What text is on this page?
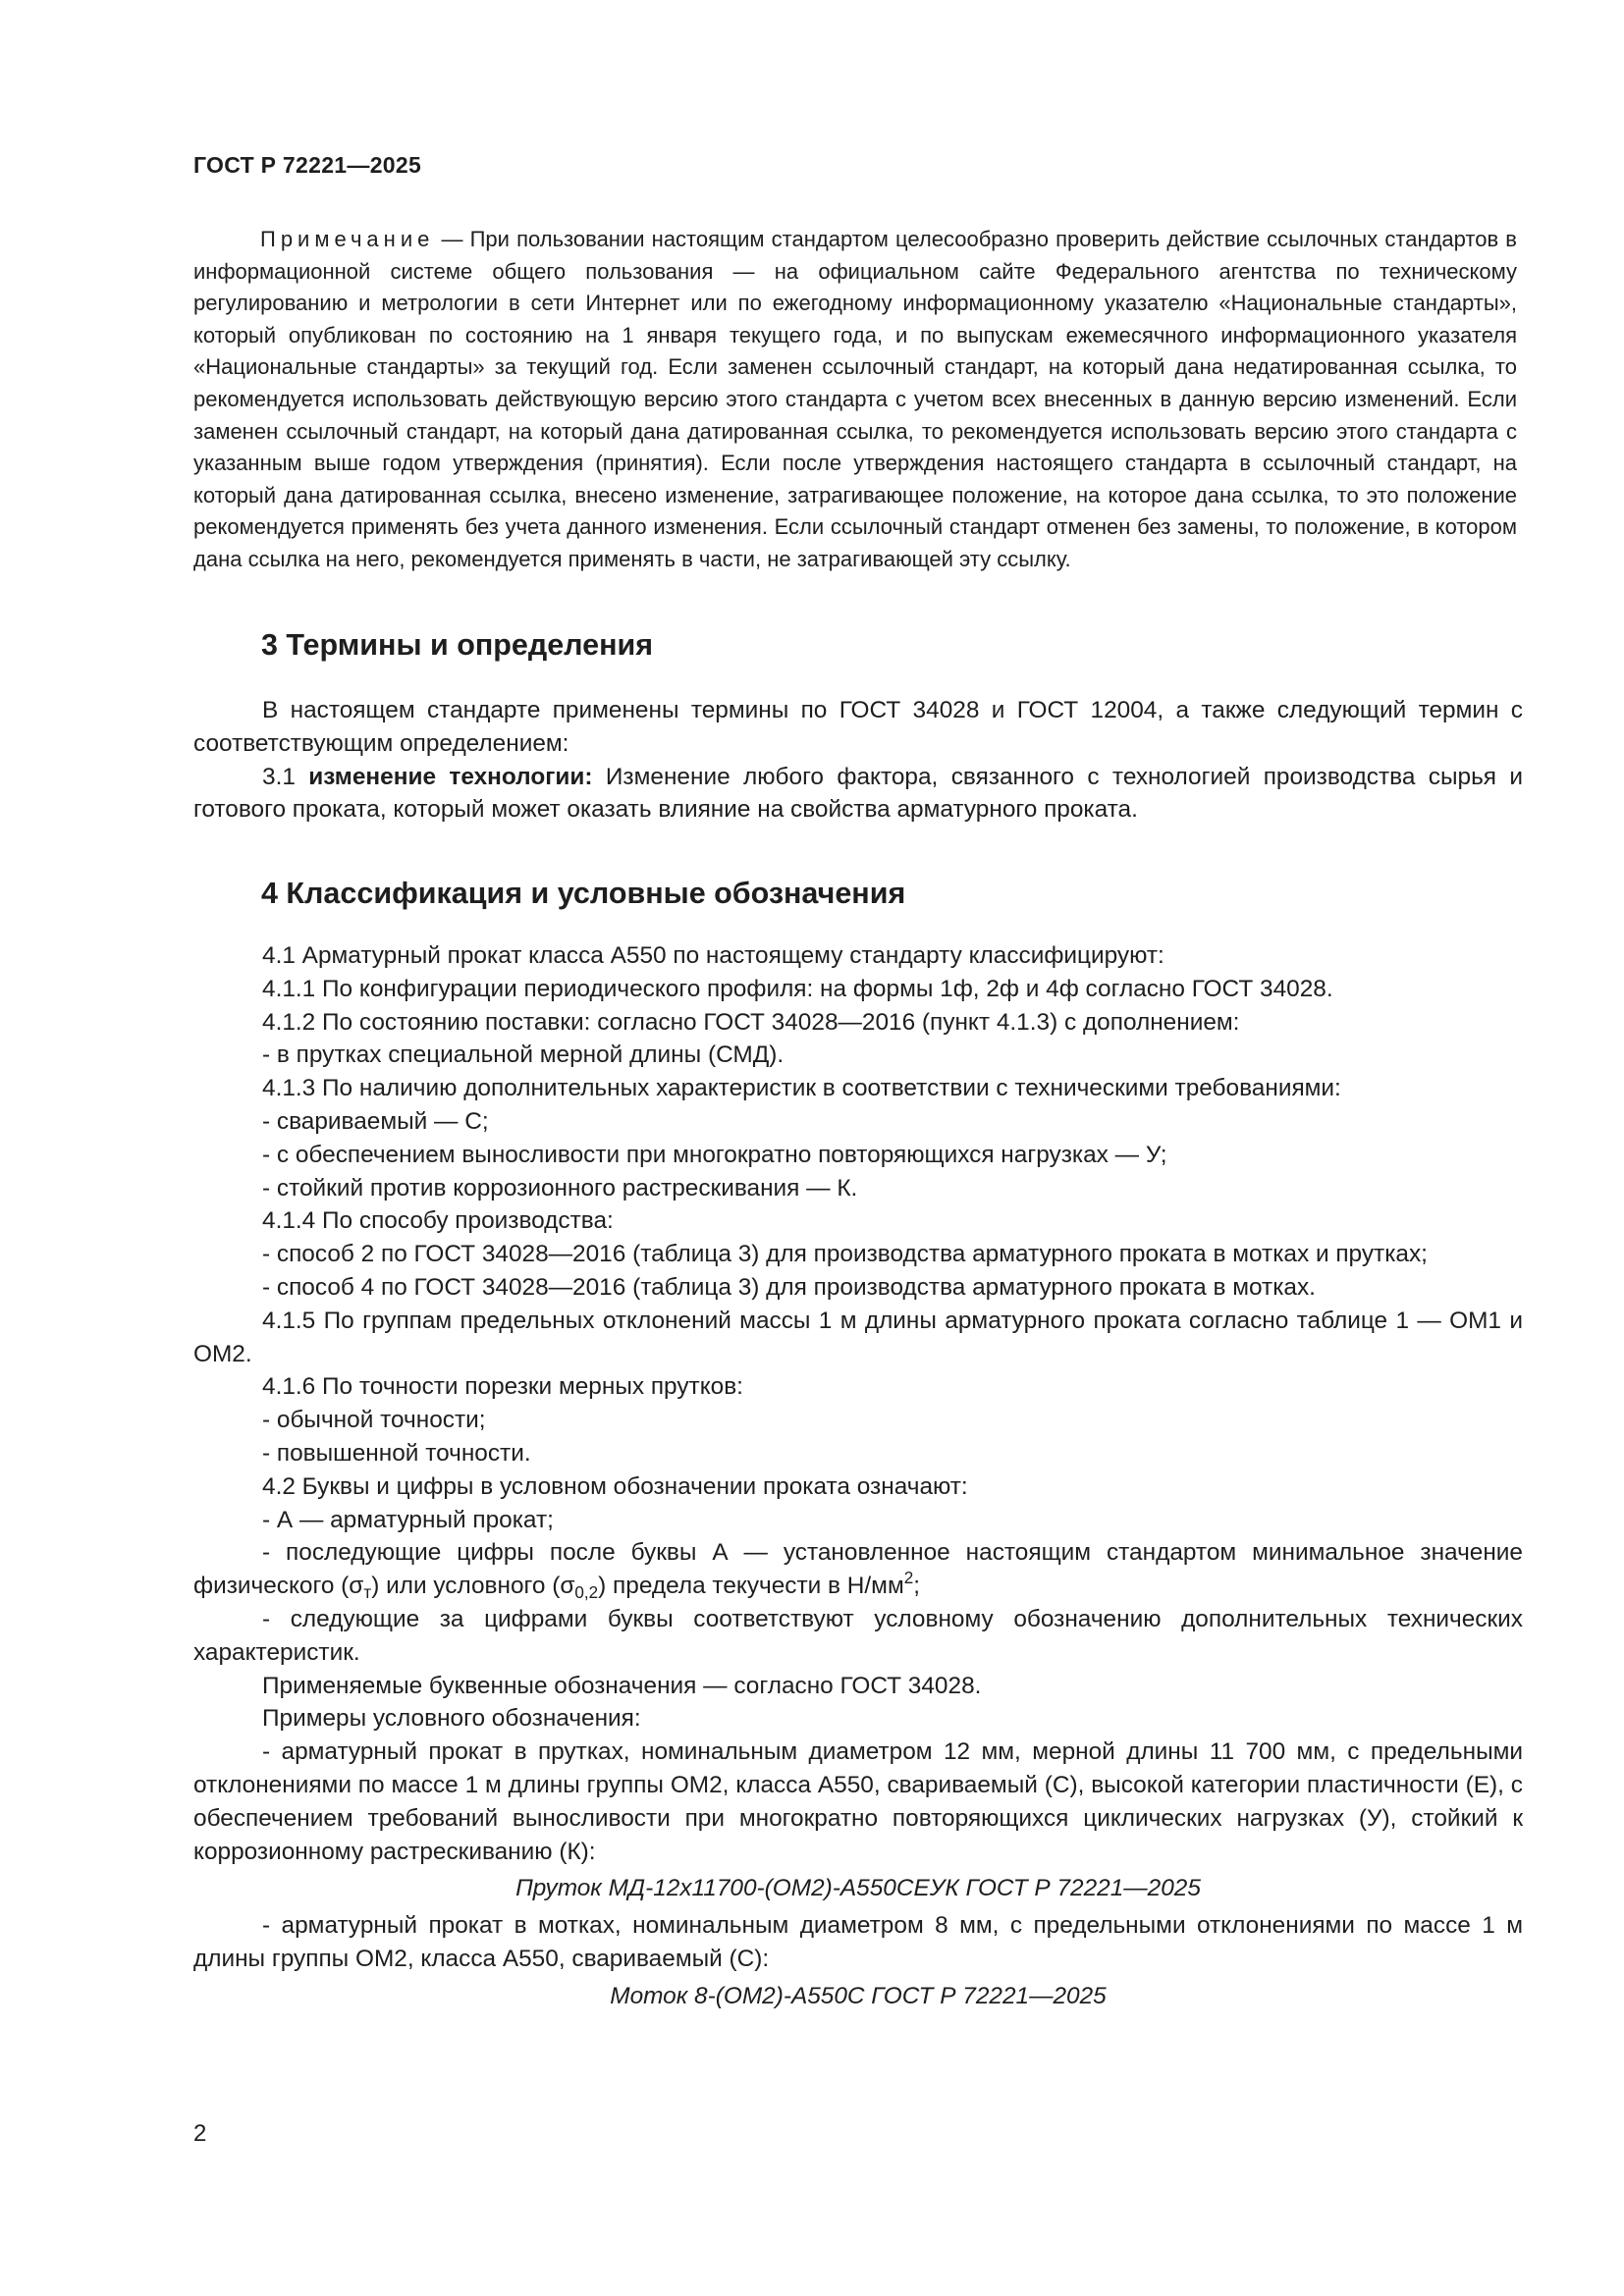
ГОСТ Р 72221—2025

Примечание — При пользовании настоящим стандартом целесообразно проверить действие ссылочных стандартов в информационной системе общего пользования — на официальном сайте Федерального агентства по техническому регулированию и метрологии в сети Интернет или по ежегодному информационному указателю «Национальные стандарты», который опубликован по состоянию на 1 января текущего года, и по выпускам ежемесячного информационного указателя «Национальные стандарты» за текущий год. Если заменен ссылочный стандарт, на который дана недатированная ссылка, то рекомендуется использовать действующую версию этого стандарта с учетом всех внесенных в данную версию изменений. Если заменен ссылочный стандарт, на который дана датированная ссылка, то рекомендуется использовать версию этого стандарта с указанным выше годом утверждения (принятия). Если после утверждения настоящего стандарта в ссылочный стандарт, на который дана датированная ссылка, внесено изменение, затрагивающее положение, на которое дана ссылка, то это положение рекомендуется применять без учета данного изменения. Если ссылочный стандарт отменен без замены, то положение, в котором дана ссылка на него, рекомендуется применять в части, не затрагивающей эту ссылку.

3 Термины и определения

В настоящем стандарте применены термины по ГОСТ 34028 и ГОСТ 12004, а также следующий термин с соответствующим определением:

3.1 изменение технологии: Изменение любого фактора, связанного с технологией производства сырья и готового проката, который может оказать влияние на свойства арматурного проката.

4 Классификация и условные обозначения

4.1 Арматурный прокат класса А550 по настоящему стандарту классифицируют:

4.1.1 По конфигурации периодического профиля: на формы 1ф, 2ф и 4ф согласно ГОСТ 34028.

4.1.2 По состоянию поставки: согласно ГОСТ 34028—2016 (пункт 4.1.3) с дополнением:

- в прутках специальной мерной длины (СМД).

4.1.3 По наличию дополнительных характеристик в соответствии с техническими требованиями:

- свариваемый — С;

- с обеспечением выносливости при многократно повторяющихся нагрузках — У;

- стойкий против коррозионного растрескивания — К.

4.1.4 По способу производства:

- способ 2 по ГОСТ 34028—2016 (таблица 3) для производства арматурного проката в мотках и прутках;

- способ 4 по ГОСТ 34028—2016 (таблица 3) для производства арматурного проката в мотках.

4.1.5 По группам предельных отклонений массы 1 м длины арматурного проката согласно таблице 1 — ОМ1 и ОМ2.

4.1.6 По точности порезки мерных прутков:

- обычной точности;

- повышенной точности.

4.2 Буквы и цифры в условном обозначении проката означают:

- А — арматурный прокат;

- последующие цифры после буквы А — установленное настоящим стандартом минимальное значение физического $(\sigma_т)$ или условного $(\sigma_{0,2})$ предела текучести в $Н/мм^2$;

- следующие за цифрами буквы соответствуют условному обозначению дополнительных технических характеристик.

Применяемые буквенные обозначения — согласно ГОСТ 34028.

Примеры условного обозначения:

- арматурный прокат в прутках, номинальным диаметром 12 мм, мерной длины 11 700 мм, с предельными отклонениями по массе 1 м длины группы ОМ2, класса А550, свариваемый (С), высокой категории пластичности (Е), с обеспечением требований выносливости при многократно повторяющихся циклических нагрузках (У), стойкий к коррозионному растрескиванию (К):

Пруток МД-12х11700-(ОМ2)-А550СЕУК ГОСТ Р 72221—2025

- арматурный прокат в мотках, номинальным диаметром 8 мм, с предельными отклонениями по массе 1 м длины группы ОМ2, класса А550, свариваемый (С):

Моток 8-(ОМ2)-А550С ГОСТ Р 72221—2025

2
